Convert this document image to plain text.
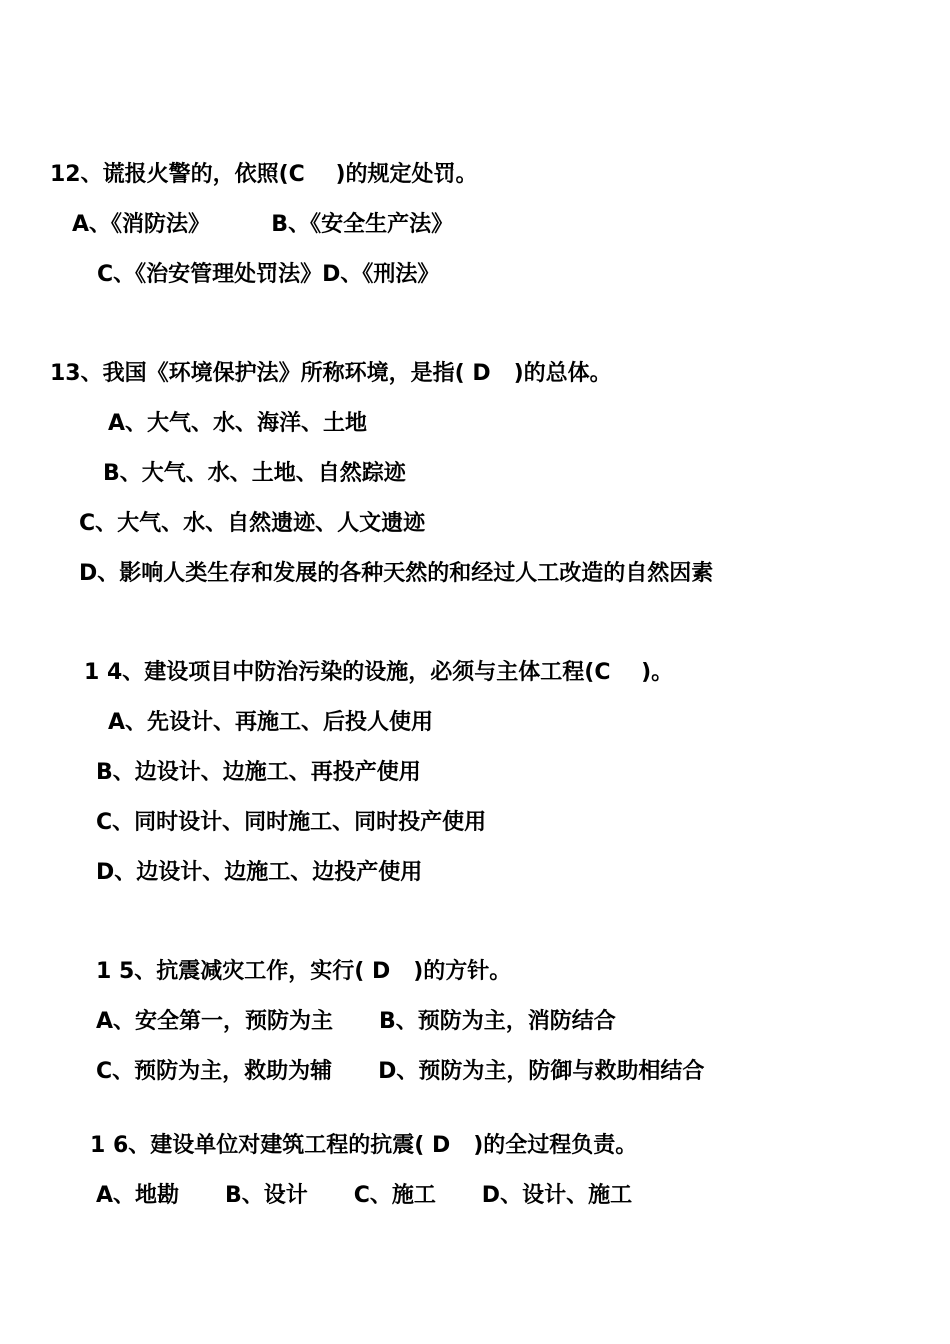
12、谎报火警的，依照(C    )的规定处罚。
A、《消防法》        B、《安全生产法》
C、《治安管理处罚法》D、《刑法》
13、我国《环境保护法》所称环境，是指( D   )的总体。
A、大气、水、海洋、土地
B、大气、水、土地、自然踪迹
C、大气、水、自然遗迹、人文遗迹
D、影响人类生存和发展的各种天然的和经过人工改造的自然因素
1 4、建设项目中防治污染的设施，必须与主体工程(C    )。
A、先设计、再施工、后投人使用
B、边设计、边施工、再投产使用
C、同时设计、同时施工、同时投产使用
D、边设计、边施工、边投产使用
1 5、抗震减灾工作，实行( D   )的方针。
A、安全第一，预防为主      B、预防为主，消防结合
C、预防为主，救助为辅      D、预防为主，防御与救助相结合
1 6、建设单位对建筑工程的抗震( D   )的全过程负责。
A、地勘      B、设计      C、施工      D、设计、施工
